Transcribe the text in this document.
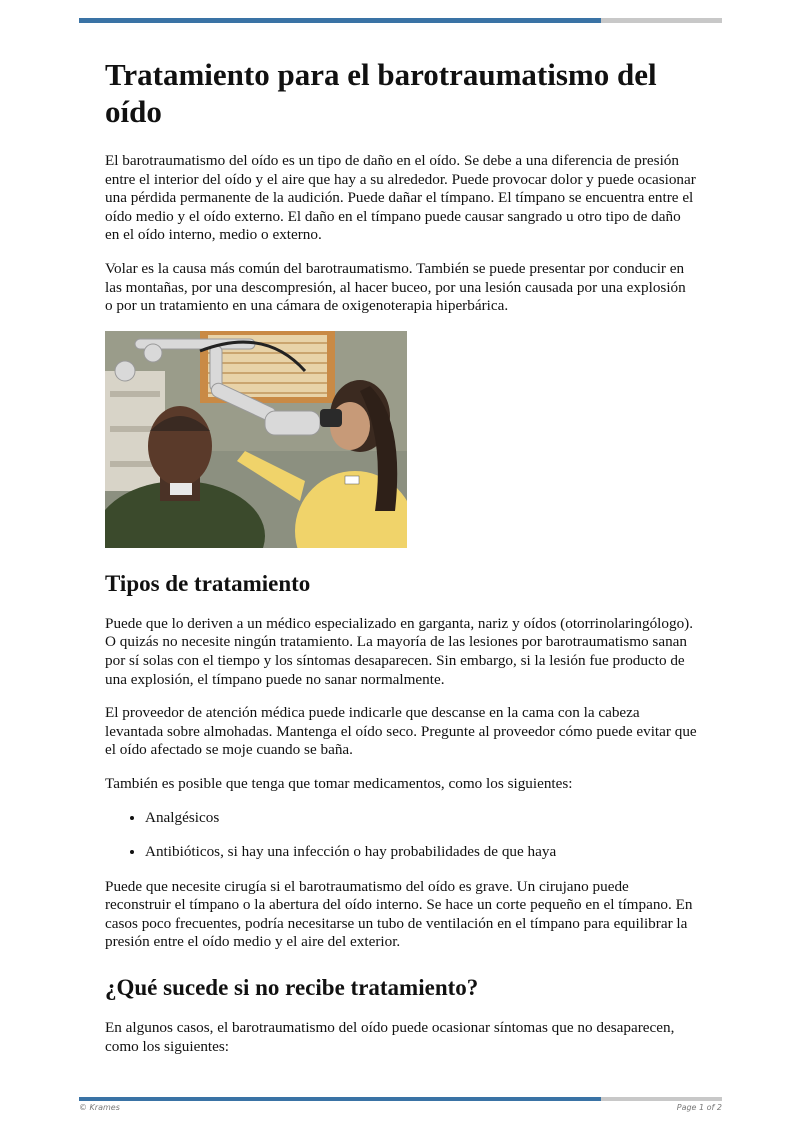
Tratamiento para el barotraumatismo del oído

El barotraumatismo del oído es un tipo de daño en el oído. Se debe a una diferencia de presión entre el interior del oído y el aire que hay a su alrededor. Puede provocar dolor y puede ocasionar una pérdida permanente de la audición. Puede dañar el tímpano. El tímpano se encuentra entre el oído medio y el oído externo. El daño en el tímpano puede causar sangrado u otro tipo de daño en el oído interno, medio o externo.

Volar es la causa más común del barotraumatismo. También se puede presentar por conducir en las montañas, por una descompresión, al hacer buceo, por una lesión causada por una explosión o por un tratamiento en una cámara de oxigenoterapia hiperbárica.

Tipos de tratamiento

Puede que lo deriven a un médico especializado en garganta, nariz y oídos (otorrinolaringólogo). O quizás no necesite ningún tratamiento. La mayoría de las lesiones por barotraumatismo sanan por sí solas con el tiempo y los síntomas desaparecen. Sin embargo, si la lesión fue producto de una explosión, el tímpano puede no sanar normalmente.

El proveedor de atención médica puede indicarle que descanse en la cama con la cabeza levantada sobre almohadas. Mantenga el oído seco. Pregunte al proveedor cómo puede evitar que el oído afectado se moje cuando se baña.

También es posible que tenga que tomar medicamentos, como los siguientes:

• Analgésicos
• Antibióticos, si hay una infección o hay probabilidades de que haya

Puede que necesite cirugía si el barotraumatismo del oído es grave. Un cirujano puede reconstruir el tímpano o la abertura del oído interno. Se hace un corte pequeño en el tímpano. En casos poco frecuentes, podría necesitarse un tubo de ventilación en el tímpano para equilibrar la presión entre el oído medio y el aire del exterior.

¿Qué sucede si no recibe tratamiento?

En algunos casos, el barotraumatismo del oído puede ocasionar síntomas que no desaparecen, como los siguientes:

© Krames	Page 1 of 2
